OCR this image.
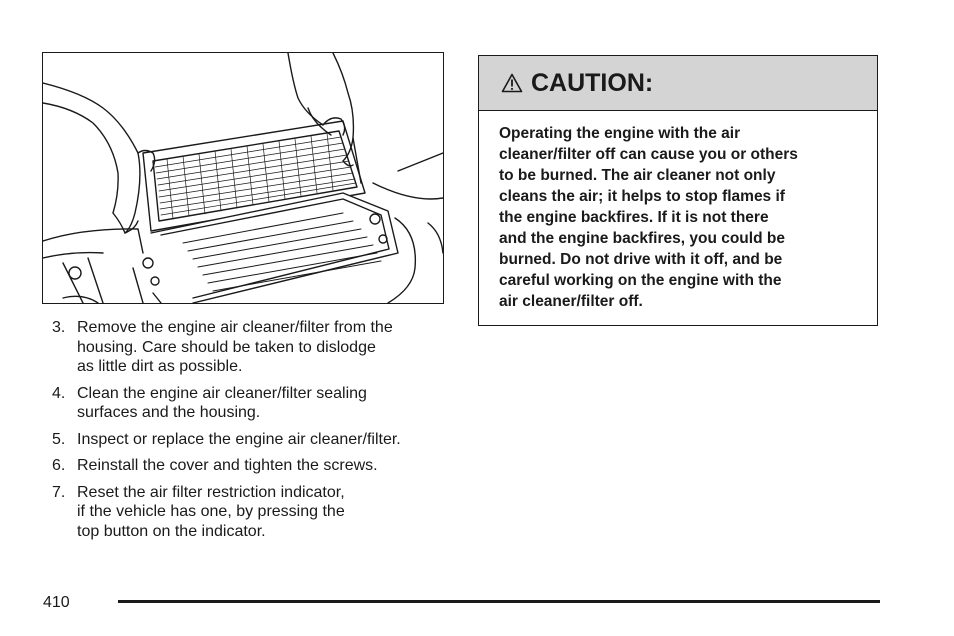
3. Remove the engine air cleaner/filter from the
housing. Care should be taken to dislodge
as little dirt as possible.
4. Clean the engine air cleaner/filter sealing
surfaces and the housing.
5. Inspect or replace the engine air cleaner/filter.
6. Reinstall the cover and tighten the screws.
7. Reset the air filter restriction indicator,
if the vehicle has one, by pressing the
top button on the indicator.
CAUTION:
Operating the engine with the air
cleaner/filter off can cause you or others
to be burned. The air cleaner not only
cleans the air; it helps to stop flames if
the engine backfires. If it is not there
and the engine backfires, you could be
burned. Do not drive with it off, and be
careful working on the engine with the
air cleaner/filter off.
410
